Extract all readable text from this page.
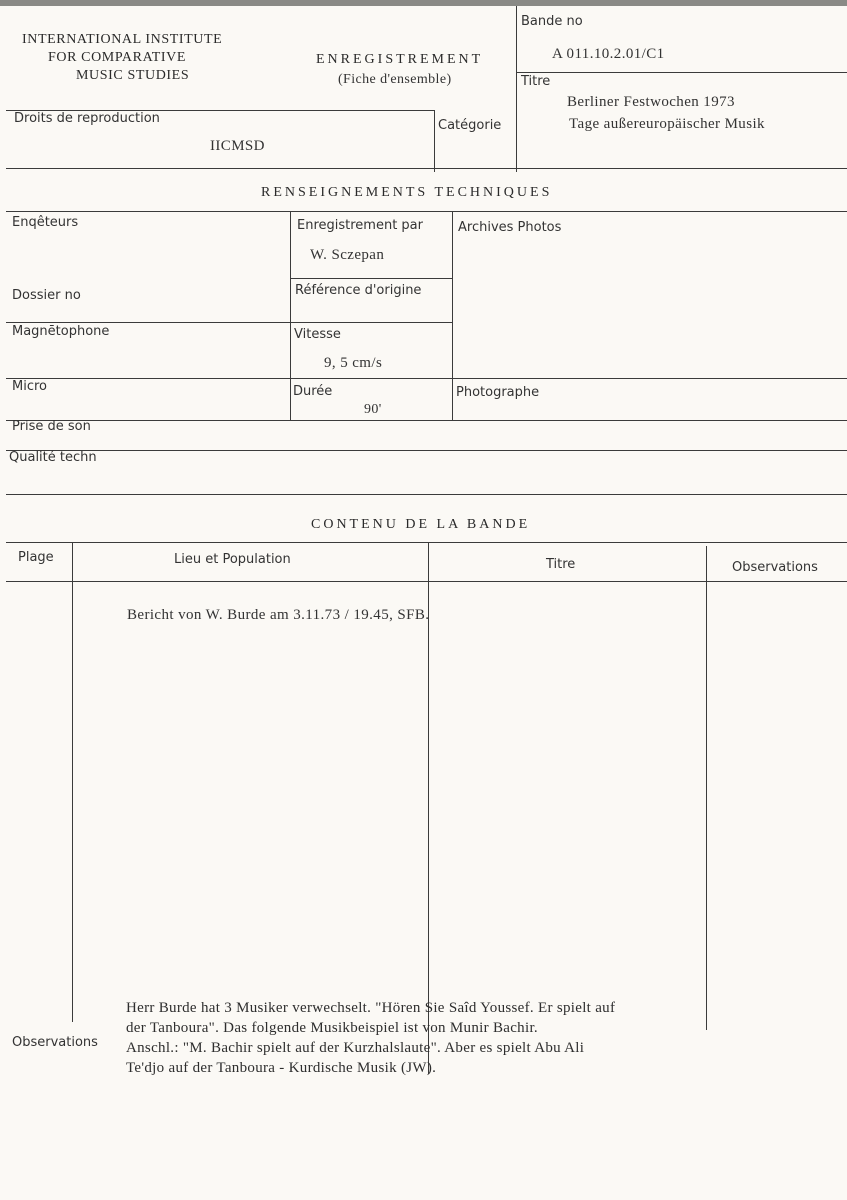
INTERNATIONAL INSTITUTE
FOR COMPARATIVE
MUSIC STUDIES
ENREGISTREMENT
(Fiche d'ensemble)
Bande no
A 011.10.2.01/C1
Titre
Berliner Festwochen 1973
Tage außereuropäischer Musik
Droits de reproduction
IICMSD
Catégorie
RENSEIGNEMENTS TECHNIQUES
Enqêteurs
Dossier no
Enregistrement par
W. Sczepan
Référence d'origine
Archives Photos
Magnētophone	Vitesse
9, 5 cm/s
Micro	Durée
90'
Photographe
Prise de son
Qualité techn
CONTENU DE LA BANDE
Plage	Lieu et Population	Titre	Observations
Bericht von W. Burde am 3.11.73 / 19.45, SFB.
Observations
Herr Burde hat 3 Musiker verwechselt. "Hören Sie Saîd Youssef. Er spielt auf
der Tanboura". Das folgende Musikbeispiel ist von Munir Bachir.
Anschl.: "M. Bachir spielt auf der Kurzhalslaute". Aber es spielt Abu Ali
Te'djo auf der Tanboura - Kurdische Musik (JW).
